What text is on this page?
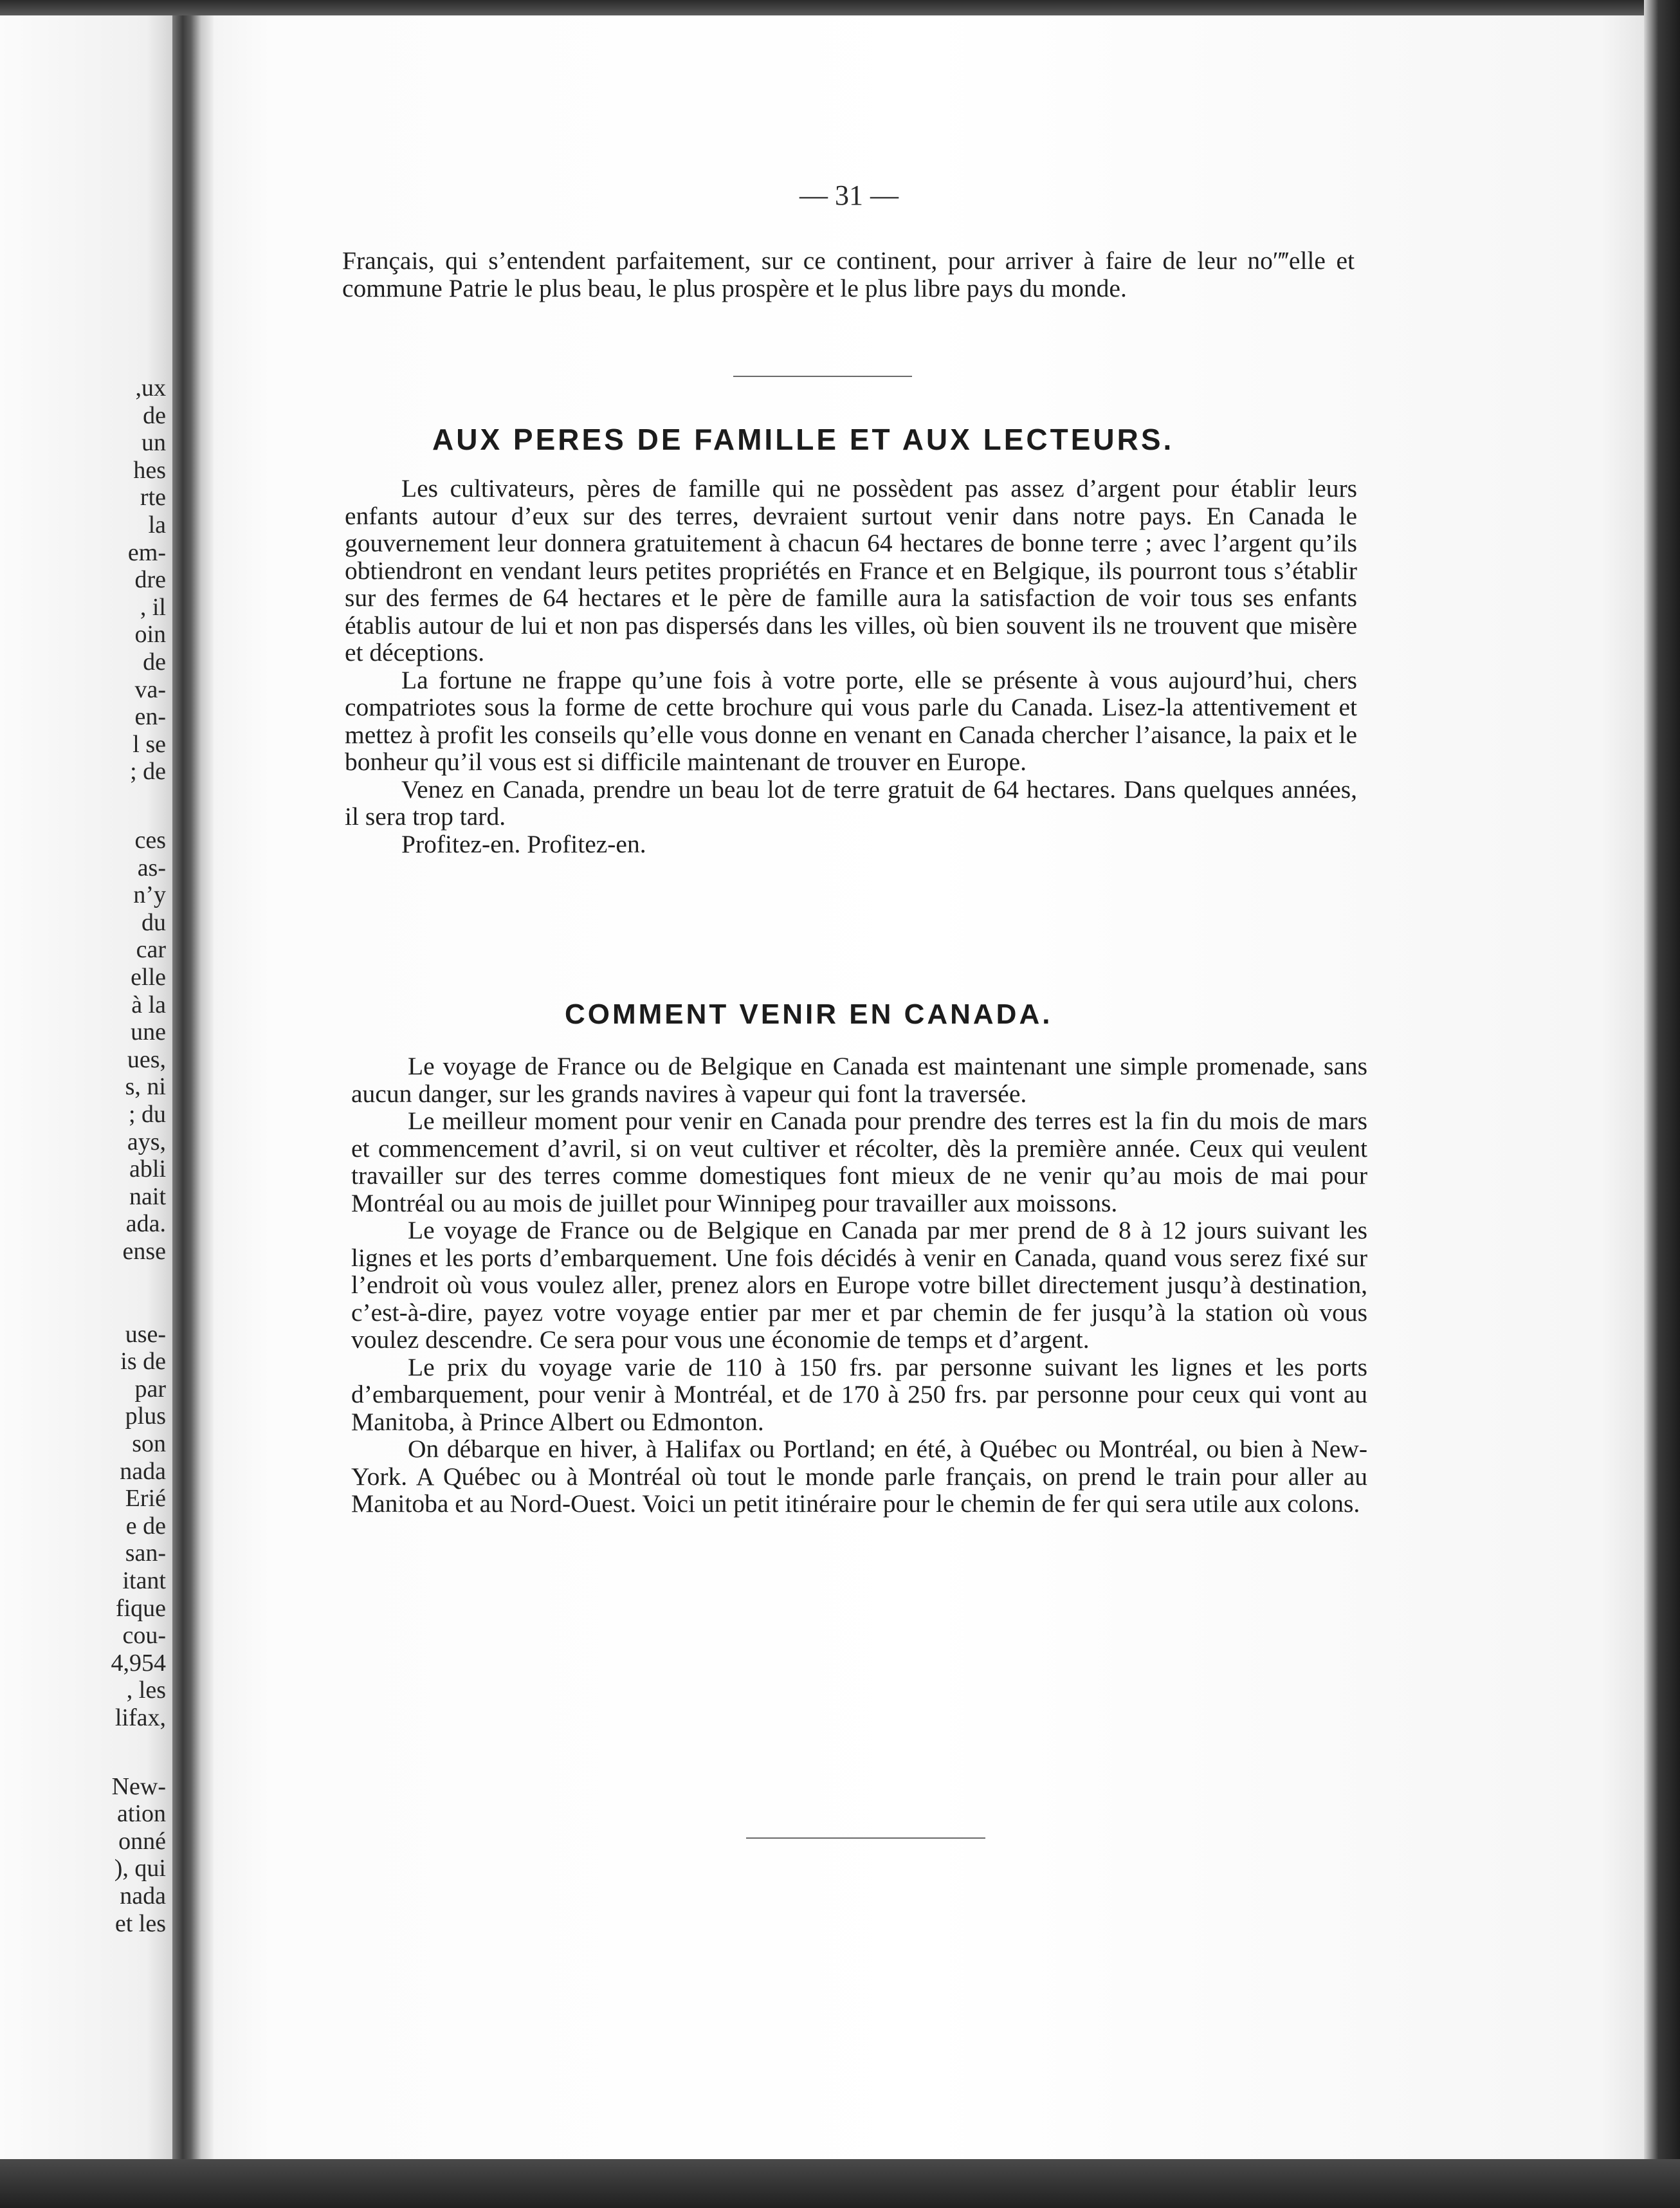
,ux
de
un
hes
rte
la
em-
dre
, il
oin
de
va-
en-
l se
; de
ces
as-
n’y
du
car
elle
à la
une
ues,
s, ni
; du
ays,
abli
nait
ada.
ense
use-
is de
par
plus
son
nada
Erié
e de
san-
itant
fique
cou-
4,954
, les
lifax,
New-
ation
onné
), qui
nada
et les
— 31 —

Français, qui s’entendent parfaitement, sur ce continent, pour arriver à faire de leur no′‴elle et commune Patrie le plus beau, le plus prospère et le plus libre pays du monde.

AUX PERES DE FAMILLE ET AUX LECTEURS.

Les cultivateurs, pères de famille qui ne possèdent pas assez d’argent pour établir leurs enfants autour d’eux sur des terres, devraient surtout venir dans notre pays. En Canada le gouvernement leur donnera gratuitement à chacun 64 hectares de bonne terre ; avec l’argent qu’ils obtiendront en vendant leurs petites propriétés en France et en Belgique, ils pourront tous s’établir sur des fermes de 64 hectares et le père de famille aura la satisfaction de voir tous ses enfants établis autour de lui et non pas dispersés dans les villes, où bien souvent ils ne trouvent que misère et déceptions.

La fortune ne frappe qu’une fois à votre porte, elle se présente à vous aujourd’hui, chers compatriotes sous la forme de cette brochure qui vous parle du Canada. Lisez-la attentivement et mettez à profit les conseils qu’elle vous donne en venant en Canada chercher l’aisance, la paix et le bonheur qu’il vous est si difficile maintenant de trouver en Europe.

Venez en Canada, prendre un beau lot de terre gratuit de 64 hectares. Dans quelques années, il sera trop tard.

Profitez-en. Profitez-en.

COMMENT VENIR EN CANADA.

Le voyage de France ou de Belgique en Canada est maintenant une simple promenade, sans aucun danger, sur les grands navires à vapeur qui font la traversée.

Le meilleur moment pour venir en Canada pour prendre des terres est la fin du mois de mars et commencement d’avril, si on veut cultiver et récolter, dès la première année. Ceux qui veulent travailler sur des terres comme domestiques font mieux de ne venir qu’au mois de mai pour Montréal ou au mois de juillet pour Winnipeg pour travailler aux moissons.

Le voyage de France ou de Belgique en Canada par mer prend de 8 à 12 jours suivant les lignes et les ports d’embarquement. Une fois décidés à venir en Canada, quand vous serez fixé sur l’endroit où vous voulez aller, prenez alors en Europe votre billet directement jusqu’à destination, c’est-à-dire, payez votre voyage entier par mer et par chemin de fer jusqu’à la station où vous voulez descendre. Ce sera pour vous une économie de temps et d’argent.

Le prix du voyage varie de 110 à 150 frs. par personne suivant les lignes et les ports d’embarquement, pour venir à Montréal, et de 170 à 250 frs. par personne pour ceux qui vont au Manitoba, à Prince Albert ou Edmonton.

On débarque en hiver, à Halifax ou Portland; en été, à Québec ou Montréal, ou bien à New-York. A Québec ou à Montréal où tout le monde parle français, on prend le train pour aller au Manitoba et au Nord-Ouest. Voici un petit itinéraire pour le chemin de fer qui sera utile aux colons.
